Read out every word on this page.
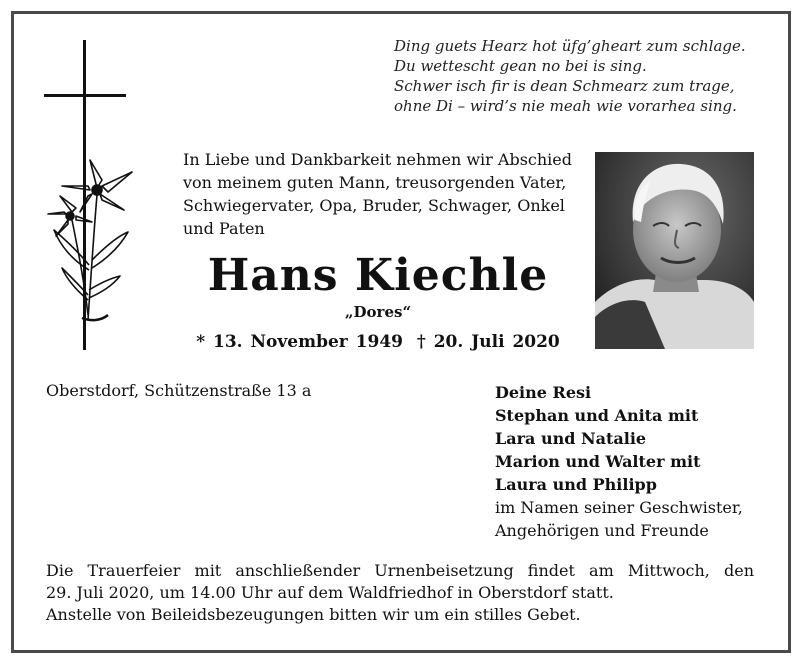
Ding guets Hearz hot üfg’gheart zum schlage.
Du wettescht gean no bei is sing.
Schwer isch fir is dean Schmearz zum trage,
ohne Di – wird’s nie meah wie vorarhea sing.
In Liebe und Dankbarkeit nehmen wir Abschied
von meinem guten Mann, treusorgenden Vater,
Schwiegervater, Opa, Bruder, Schwager, Onkel
und Paten
Hans Kiechle
„Dores“
* 13. November 1949 † 20. Juli 2020
Oberstdorf, Schützenstraße 13 a	Deine Resi
Stephan und Anita mit
Lara und Natalie
Marion und Walter mit
Laura und Philipp
im Namen seiner Geschwister,
Angehörigen und Freunde
Die Trauerfeier mit anschließender Urnenbeisetzung findet am Mittwoch, den
29. Juli 2020, um 14.00 Uhr auf dem Waldfriedhof in Oberstdorf statt.
Anstelle von Beileidsbezeugungen bitten wir um ein stilles Gebet.
